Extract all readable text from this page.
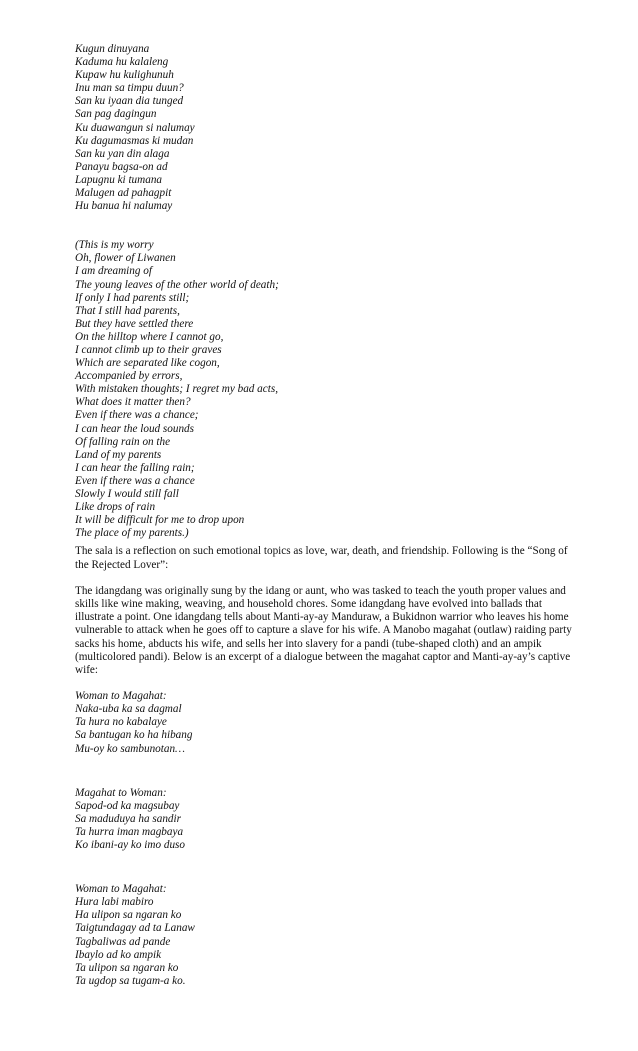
Kugun dinuyana
Kaduma hu kalaleng
Kupaw hu kulighunuh
Inu man sa timpu duun?
San ku iyaan dia tunged
San pag dagingun
Ku duawangun si nalumay
Ku dagumasmas ki mudan
San ku yan din alaga
Panayu bagsa-on ad
Lapugnu ki tumana
Malugen ad pahagpit
Hu banua hi nalumay
(This is my worry
Oh, flower of Liwanen
I am dreaming of
The young leaves of the other world of death;
If only I had parents still;
That I still had parents,
But they have settled there
On the hilltop where I cannot go,
I cannot climb up to their graves
Which are separated like cogon,
Accompanied by errors,
With mistaken thoughts; I regret my bad acts,
What does it matter then?
Even if there was a chance;
I can hear the loud sounds
Of falling rain on the
Land of my parents
I can hear the falling rain;
Even if there was a chance
Slowly I would still fall
Like drops of rain
It will be difficult for me to drop upon
The place of my parents.)

The sala is a reflection on such emotional topics as love, war, death, and friendship. Following is the “Song of the Rejected Lover”:

The idangdang was originally sung by the idang or aunt, who was tasked to teach the youth proper values and skills like wine making, weaving, and household chores. Some idangdang have evolved into ballads that illustrate a point. One idangdang tells about Manti-ay-ay Manduraw, a Bukidnon warrior who leaves his home vulnerable to attack when he goes off to capture a slave for his wife. A Manobo magahat (outlaw) raiding party sacks his home, abducts his wife, and sells her into slavery for a pandi (tube-shaped cloth) and an ampik (multicolored pandi). Below is an excerpt of a dialogue between the magahat captor and Manti-ay-ay’s captive wife:

Woman to Magahat:
Naka-uba ka sa dagmal
Ta hura no kabalaye
Sa bantugan ko ha hibang
Mu-oy ko sambunotan…
Magahat to Woman:
Sapod-od ka magsubay
Sa maduduya ha sandir
Ta hurra iman magbaya
Ko ibani-ay ko imo duso
Woman to Magahat:
Hura labi mabiro
Ha ulipon sa ngaran ko
Taigtundagay ad ta Lanaw
Tagbaliwas ad pande
Ibaylo ad ko ampik
Ta ulipon sa ngaran ko
Ta ugdop sa tugam-a ko.
